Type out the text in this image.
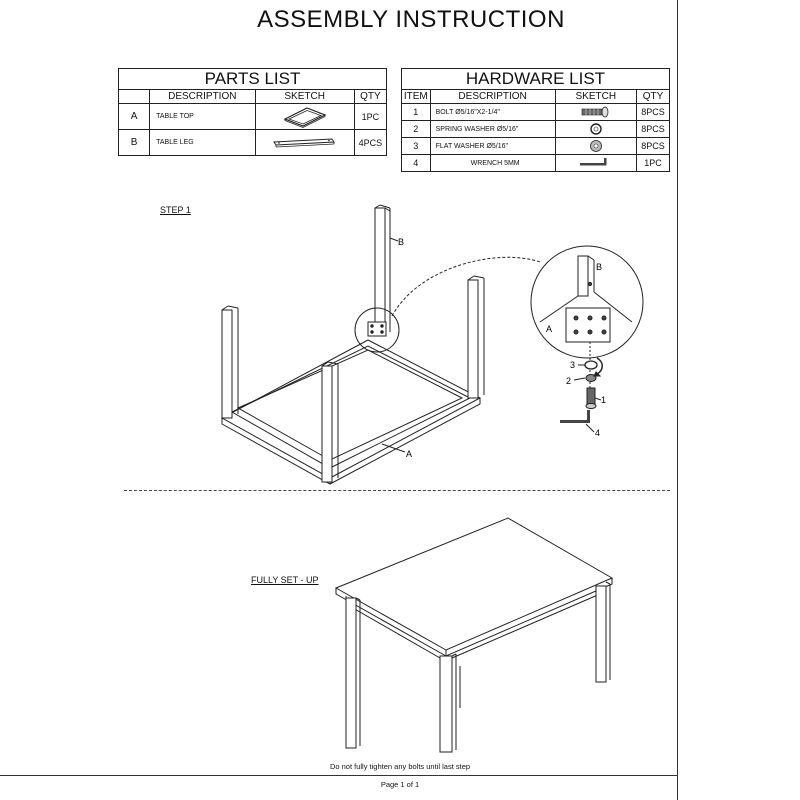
ASSEMBLY INSTRUCTION
PARTS LIST			
	DESCRIPTION	SKETCH	QTY
A	TABLE TOP		1PC
B	TABLE LEG		4PCS
HARDWARE LIST			
ITEM	DESCRIPTION	SKETCH	QTY
1	BOLT Ø5/16"X2-1/4"		8PCS
2	SPRING WASHER Ø5/16"		8PCS
3	FLAT WASHER Ø5/16"		8PCS
4	WRENCH 5MM		1PC
STEP 1
B
A
B
A
3
2
1
4
FULLY SET - UP
Do not fully tighten any bolts until last step
Page 1 of 1
